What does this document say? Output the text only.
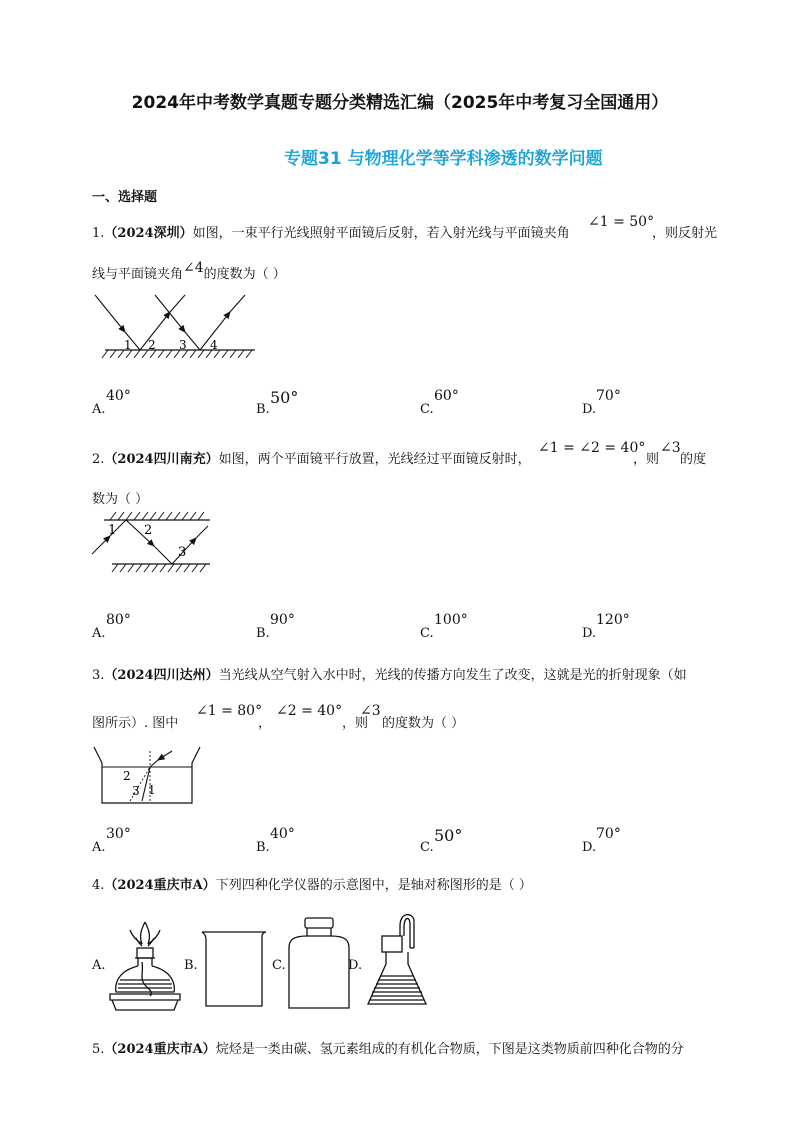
2024年中考数学真题专题分类精选汇编（2025年中考复习全国通用）
专题31 与物理化学等学科渗透的数学问题
一、选择题
1.（2024深圳）如图，一束平行光线照射平面镜后反射，若入射光线与平面镜夹角
∠1 = 50°
，则反射光
线与平面镜夹角∠4的度数为（ ）
1 2 3 4
A.
40°
B.
50°
C.
60°
D.
70°
2.（2024四川南充）如图，两个平面镜平行放置，光线经过平面镜反射时，
∠1 = ∠2 = 40°
，则
∠3
的度
数为（ ）
1 2
3
A.
80°
B.
90°
C.
100°
D.
120°
3.（2024四川达州）当光线从空气射入水中时，光线的传播方向发生了改变，这就是光的折射现象（如
图所示）. 图中
∠1 = 80°
，
∠2 = 40°
，则
∠3
的度数为（ ）
2
3 1
A.
30°
B.
40°
C.
50°
D.
70°
4.（2024重庆市A）下列四种化学仪器的示意图中，是轴对称图形的是（ ）
A.	B.	C.	D.
5.（2024重庆市A）烷烃是一类由碳、氢元素组成的有机化合物质，下图是这类物质前四种化合物的分
